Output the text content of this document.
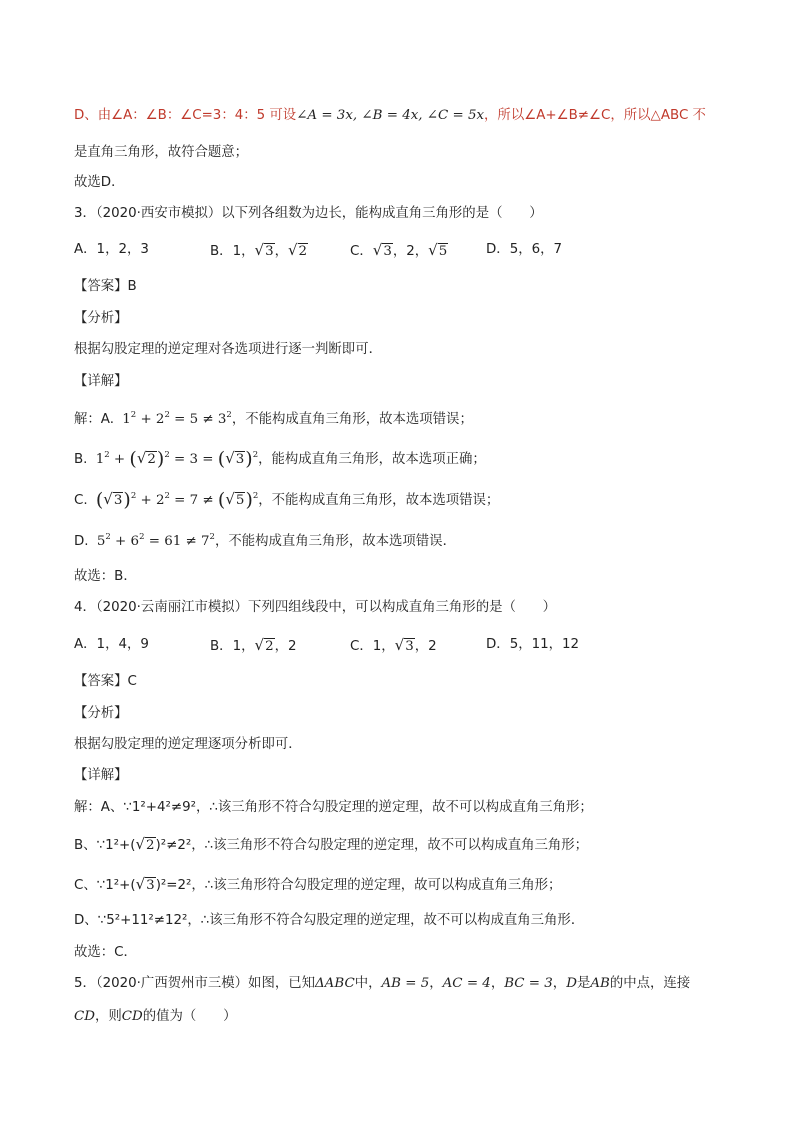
D、由∠A：∠B：∠C=3：4：5 可设∠A = 3x, ∠B = 4x, ∠C = 5x，所以∠A+∠B≠∠C，所以△ABC 不
是直角三角形，故符合题意；
故选D．
3．（2020·西安市模拟）以下列各组数为边长，能构成直角三角形的是（　　）
A．1，2，3	B．1，√3，√2	C．√3，2，√5	D．5，6，7
【答案】B
【分析】
根据勾股定理的逆定理对各选项进行逐一判断即可．
【详解】
解：A. $1^2 + 2^2 = 5 \ne 3^2$，不能构成直角三角形，故本选项错误；
B. $1^2 + (√2)^2 = 3 = (√3)^2$，能构成直角三角形，故本选项正确；
C. $(√3)^2 + 2^2 = 7 \ne (√5)^2$，不能构成直角三角形，故本选项错误；
D. $5^2 + 6^2 = 61 \ne 7^2$，不能构成直角三角形，故本选项错误．
故选：B．
4．（2020·云南丽江市模拟）下列四组线段中，可以构成直角三角形的是（　　）
A．1，4，9	B．1，√2，2	C．1，√3，2	D．5，11，12
【答案】C
【分析】
根据勾股定理的逆定理逐项分析即可．
【详解】
解：A、∵1²+4²≠9²，∴该三角形不符合勾股定理的逆定理，故不可以构成直角三角形；
B、∵1²+(√2)²≠2²，∴该三角形不符合勾股定理的逆定理，故不可以构成直角三角形；
C、∵1²+(√3)²=2²，∴该三角形符合勾股定理的逆定理，故可以构成直角三角形；
D、∵5²+11²≠12²，∴该三角形不符合勾股定理的逆定理，故不可以构成直角三角形．
故选：C．
5．（2020·广西贺州市三模）如图，已知ΔABC中，AB = 5，AC = 4，BC = 3，D是AB的中点，连接
CD，则CD的值为（　　）
